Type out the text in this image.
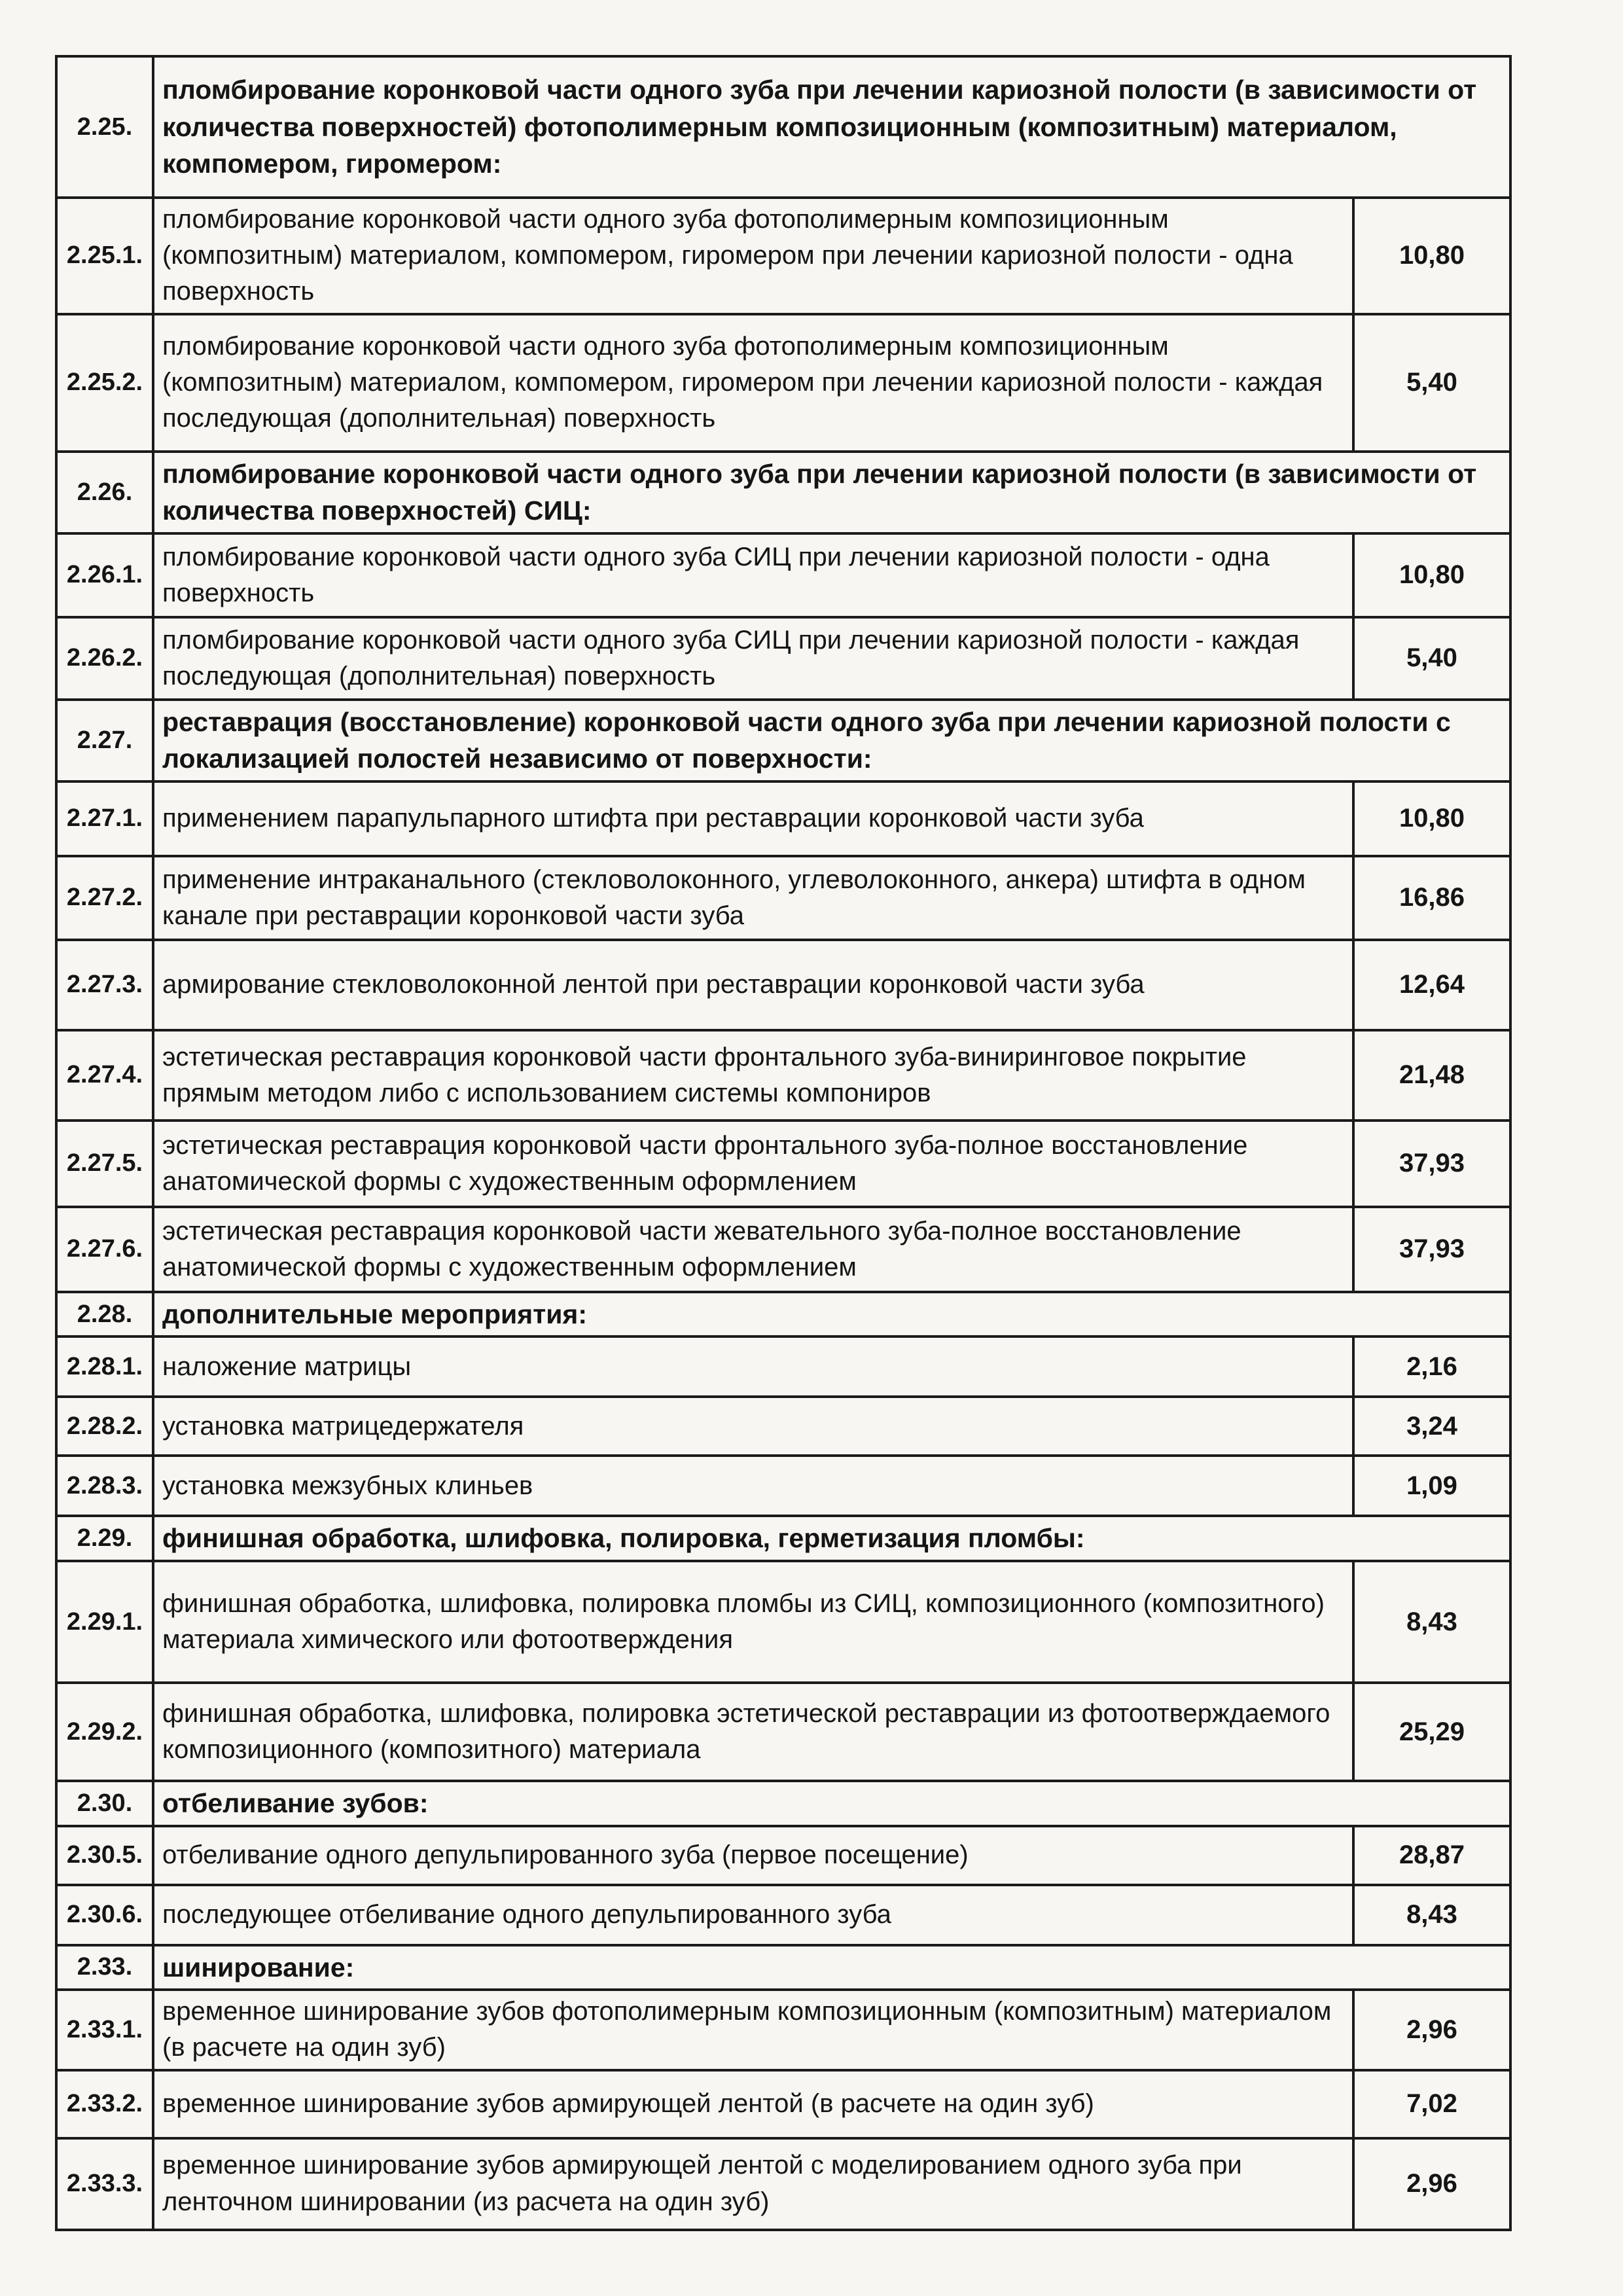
2.25.	пломбирование коронковой части одного зуба при лечении кариозной полости (в зависимости от количества поверхностей) фотополимерным композиционным (композитным) материалом, компомером, гиромером:	
2.25.1.	пломбирование коронковой части одного зуба фотополимерным композиционным (композитным) материалом, компомером, гиромером при лечении кариозной полости - одна поверхность	10,80
2.25.2.	пломбирование коронковой части одного зуба фотополимерным композиционным (композитным) материалом, компомером, гиромером при лечении кариозной полости - каждая последующая (дополнительная) поверхность	5,40
2.26.	пломбирование коронковой части одного зуба при лечении кариозной полости (в зависимости от количества поверхностей) СИЦ:	
2.26.1.	пломбирование коронковой части одного зуба СИЦ при лечении кариозной полости - одна поверхность	10,80
2.26.2.	пломбирование коронковой части одного зуба СИЦ при лечении кариозной полости - каждая последующая (дополнительная) поверхность	5,40
2.27.	реставрация (восстановление) коронковой части одного зуба при лечении кариозной полости с локализацией полостей независимо от поверхности:	
2.27.1.	применением парапульпарного штифта при реставрации коронковой части зуба	10,80
2.27.2.	применение интраканального (стекловолоконного, углеволоконного, анкера) штифта в одном канале при реставрации коронковой части зуба	16,86
2.27.3.	армирование стекловолоконной лентой при реставрации коронковой части зуба	12,64
2.27.4.	эстетическая реставрация коронковой части фронтального зуба-виниринговое покрытие прямым методом либо с использованием системы компониров	21,48
2.27.5.	эстетическая реставрация коронковой части фронтального зуба-полное восстановление анатомической формы с художественным оформлением	37,93
2.27.6.	эстетическая реставрация коронковой части жевательного зуба-полное восстановление анатомической формы с художественным оформлением	37,93
2.28.	дополнительные мероприятия:	
2.28.1.	наложение матрицы	2,16
2.28.2.	установка матрицедержателя	3,24
2.28.3.	установка межзубных клиньев	1,09
2.29.	финишная обработка, шлифовка, полировка, герметизация пломбы:	
2.29.1.	финишная обработка, шлифовка, полировка пломбы из СИЦ, композиционного (композитного) материала химического или фотоотверждения	8,43
2.29.2.	финишная обработка, шлифовка, полировка эстетической реставрации из фотоотверждаемого композиционного (композитного) материала	25,29
2.30.	отбеливание зубов:	
2.30.5.	отбеливание одного депульпированного зуба (первое посещение)	28,87
2.30.6.	последующее отбеливание одного депульпированного зуба	8,43
2.33.	шинирование:	
2.33.1.	временное шинирование зубов фотополимерным композиционным (композитным) материалом (в расчете на один зуб)	2,96
2.33.2.	временное шинирование зубов армирующей лентой (в расчете на один зуб)	7,02
2.33.3.	временное шинирование зубов армирующей лентой с моделированием одного зуба при ленточном шинировании (из расчета на один зуб)	2,96
